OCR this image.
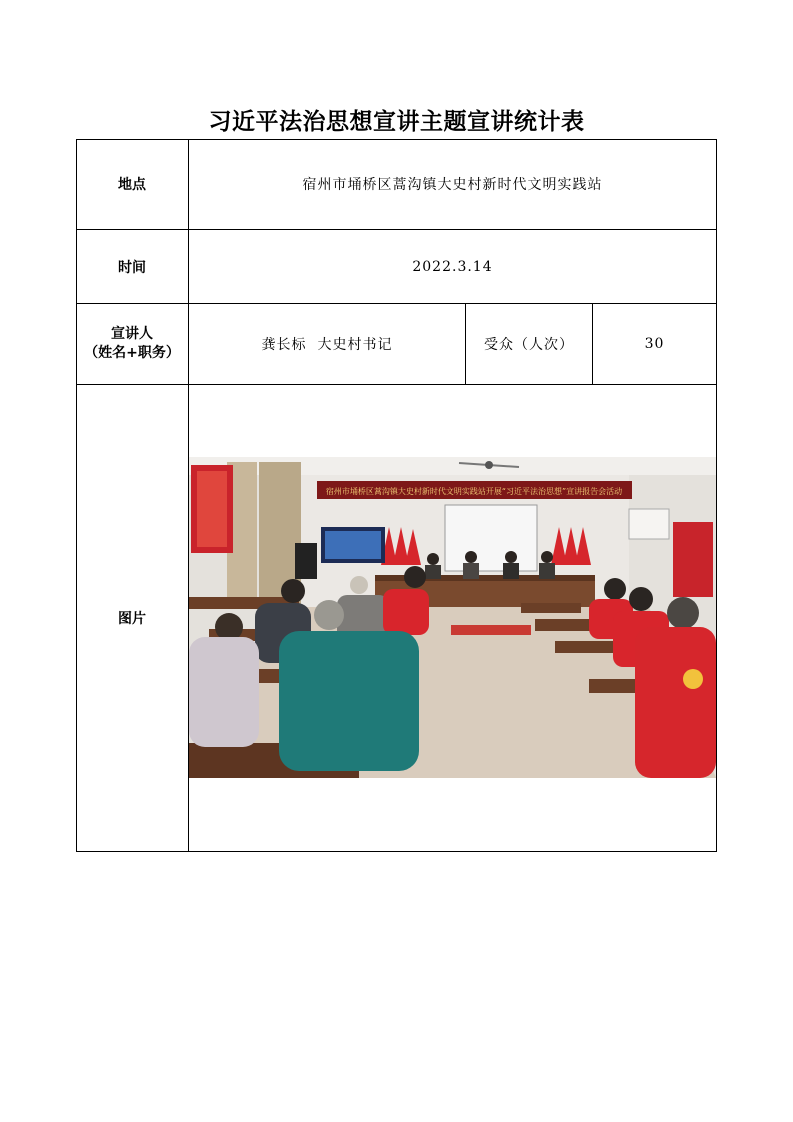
习近平法治思想宣讲主题宣讲统计表
地点	宿州市埇桥区蒿沟镇大史村新时代文明实践站
时间	2022.3.14
宣讲人
（姓名+职务）	龚长标  大史村书记	受众（人次）	30
图片
宿州市埇桥区蒿沟镇大史村新时代文明实践站开展“习近平法治思想”宣讲报告会活动
